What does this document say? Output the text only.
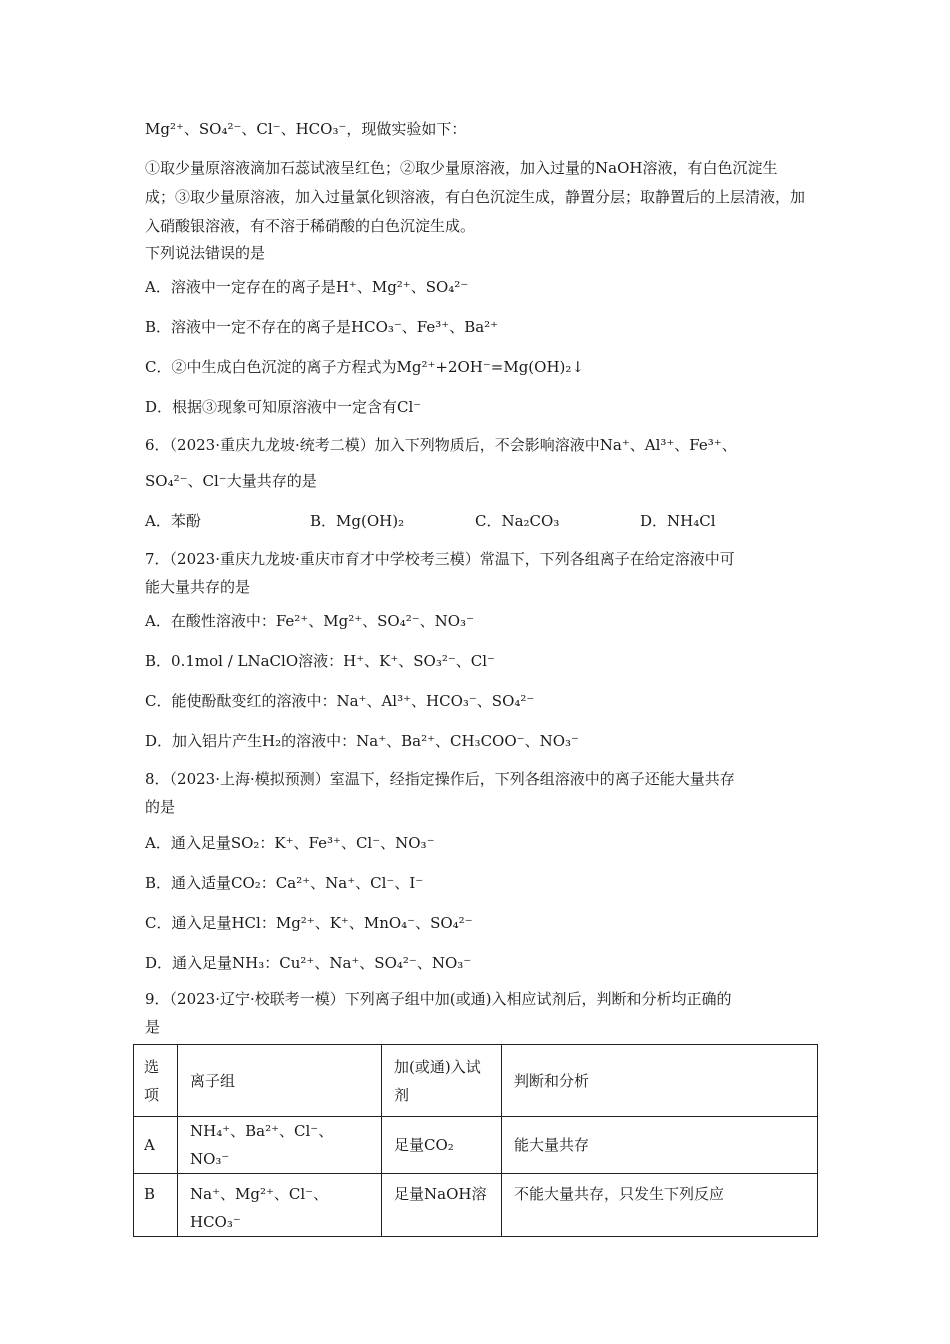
Mg²⁺、SO₄²⁻、Cl⁻、HCO₃⁻，现做实验如下：
①取少量原溶液滴加石蕊试液呈红色；②取少量原溶液，加入过量的NaOH溶液，有白色沉淀生成；③取少量原溶液，加入过量氯化钡溶液，有白色沉淀生成，静置分层；取静置后的上层清液，加入硝酸银溶液，有不溶于稀硝酸的白色沉淀生成。
下列说法错误的是
A．溶液中一定存在的离子是H⁺、Mg²⁺、SO₄²⁻
B．溶液中一定不存在的离子是HCO₃⁻、Fe³⁺、Ba²⁺
C．②中生成白色沉淀的离子方程式为Mg²⁺+2OH⁻=Mg(OH)₂↓
D．根据③现象可知原溶液中一定含有Cl⁻
6．（2023·重庆九龙坡·统考二模）加入下列物质后，不会影响溶液中Na⁺、Al³⁺、Fe³⁺、
SO₄²⁻、Cl⁻大量共存的是
A．苯酚	B．Mg(OH)₂	C．Na₂CO₃	D．NH₄Cl
7．（2023·重庆九龙坡·重庆市育才中学校考三模）常温下，下列各组离子在给定溶液中可
能大量共存的是
A．在酸性溶液中：Fe²⁺、Mg²⁺、SO₄²⁻、NO₃⁻
B．0.1mol / LNaClO溶液：H⁺、K⁺、SO₃²⁻、Cl⁻
C．能使酚酞变红的溶液中：Na⁺、Al³⁺、HCO₃⁻、SO₄²⁻
D．加入铝片产生H₂的溶液中：Na⁺、Ba²⁺、CH₃COO⁻、NO₃⁻
8．（2023·上海·模拟预测）室温下，经指定操作后，下列各组溶液中的离子还能大量共存
的是
A．通入足量SO₂：K⁺、Fe³⁺、Cl⁻、NO₃⁻
B．通入适量CO₂：Ca²⁺、Na⁺、Cl⁻、I⁻
C．通入足量HCl：Mg²⁺、K⁺、MnO₄⁻、SO₄²⁻
D．通入足量NH₃：Cu²⁺、Na⁺、SO₄²⁻、NO₃⁻
9．（2023·辽宁·校联考一模）下列离子组中加(或通)入相应试剂后，判断和分析均正确的
是
选项	离子组	加(或通)入试剂	判断和分析
A	NH₄⁺、Ba²⁺、Cl⁻、NO₃⁻	足量CO₂	能大量共存
B	Na⁺、Mg²⁺、Cl⁻、HCO₃⁻	足量NaOH溶	不能大量共存，只发生下列反应
